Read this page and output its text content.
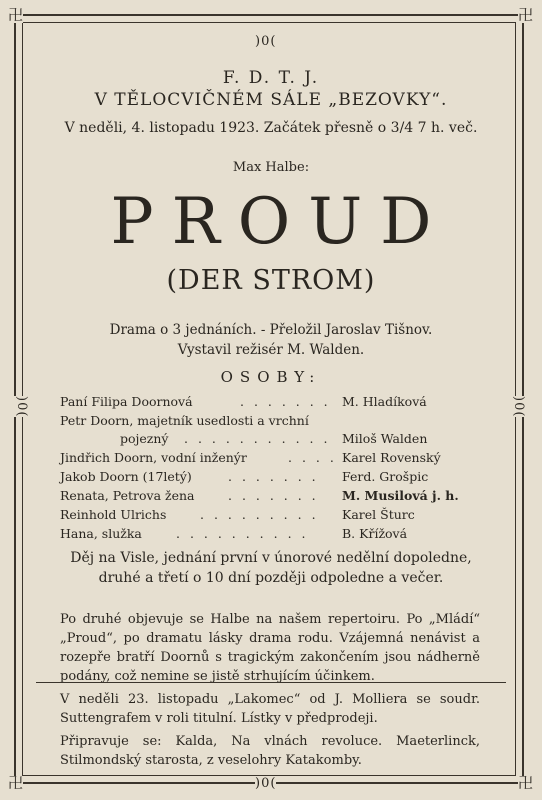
卍	卍
卍	卍
)0(
)0(
)0(	)0(
F. D. T. J.
V TĚLOCVIČNÉM SÁLE „BEZOVKY“.
V neděli, 4. listopadu 1923. Začátek přesně o 3/4 7 h. več.
Max Halbe:
PROUD
(DER STROM)
Drama o 3 jednáních. - Přeložil Jaroslav Tišnov.
Vystavil režisér M. Walden.
OSOBY:
Paní Filipa Doornová	. . . . . . . M. Hladíková
Petr Doorn, majetník usedlosti a vrchní
pojezný . . . . . . . . . . . Miloš Walden
Jindřich Doorn, vodní inženýr	. . . . Karel Rovenský
Jakob Doorn (17letý)	. . . . . . . Ferd. Grošpic
Renata, Petrova žena	. . . . . . . M. Musilová j. h.
Reinhold Ulrichs	. . . . . . . . . Karel Šturc
Hana, služka	. . . . . . . . . .	B. Křížová
Děj na Visle, jednání první v únorové nedělní dopoledne, druhé a třetí o 10 dní později odpoledne a večer.
Po druhé objevuje se Halbe na našem repertoiru. Po „Mládí“ „Proud“, po dramatu lásky drama rodu. Vzájemná nenávist a rozepře bratří Doornů s tragickým zakončením jsou nádherně podány, což nemine se jistě strhujícím účinkem.
V neděli 23. listopadu „Lakomec“ od J. Molliera se soudr. Suttengrafem v roli titulní. Lístky v předprodeji.
Připravuje se: Kalda, Na vlnách revoluce. Maeterlinck, Stilmondský starosta, z veselohry Katakomby.
